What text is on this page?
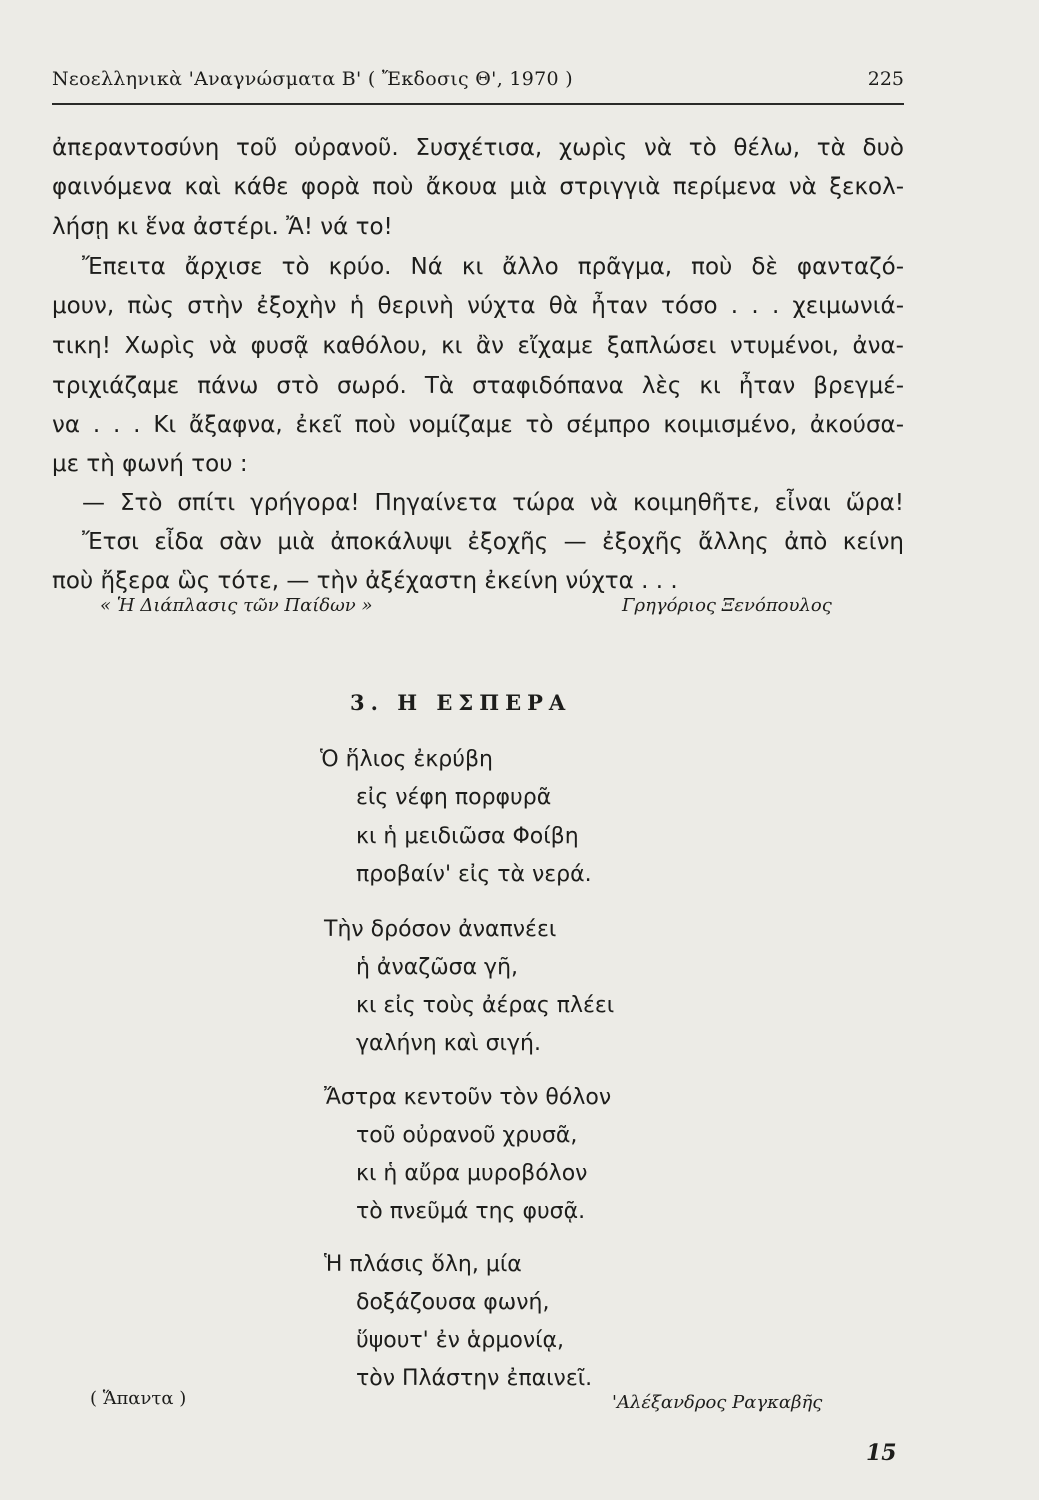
Νεοελληνικὰ 'Αναγνώσματα Β' ( Ἔκδοσις Θ', 1970 )	225
ἀπεραντοσύνη τοῦ οὐρανοῦ. Συσχέτισα, χωρὶς νὰ τὸ θέλω, τὰ δυὸ
φαινόμενα καὶ κάθε φορὰ ποὺ ἄκουα μιὰ στριγγιὰ περίμενα νὰ ξεκολ-
λήσῃ κι ἕνα ἀστέρι. Ἄ! νά το!
Ἔπειτα ἄρχισε τὸ κρύο. Νά κι ἄλλο πρᾶγμα, ποὺ δὲ φανταζό-
μουν, πὼς στὴν ἐξοχὴν ἡ θερινὴ νύχτα θὰ ἦταν τόσο . . . χειμωνιά-
τικη! Χωρὶς νὰ φυσᾷ καθόλου, κι ἂν εἴχαμε ξαπλώσει ντυμένοι, ἀνα-
τριχιάζαμε πάνω στὸ σωρό. Τὰ σταφιδόπανα λὲς κι ἦταν βρεγμέ-
να . . . Κι ἄξαφνα, ἐκεῖ ποὺ νομίζαμε τὸ σέμπρο κοιμισμένο, ἀκούσα-
με τὴ φωνή του :
— Στὸ σπίτι γρήγορα! Πηγαίνετα τώρα νὰ κοιμηθῆτε, εἶναι ὥρα!
Ἔτσι εἶδα σὰν μιὰ ἀποκάλυψι ἐξοχῆς — ἐξοχῆς ἄλλης ἀπὸ κείνη
ποὺ ἤξερα ὣς τότε, — τὴν ἀξέχαστη ἐκείνη νύχτα . . .
« Ἡ Διάπλασις τῶν Παίδων »	Γρηγόριος Ξενόπουλος
3. Η ΕΣΠΕΡΑ
Ὁ ἥλιος ἐκρύβη
εἰς νέφη πορφυρᾶ
κι ἡ μειδιῶσα Φοίβη
προβαίν' εἰς τὰ νερά.
Τὴν δρόσον ἀναπνέει
ἡ ἀναζῶσα γῆ,
κι εἰς τοὺς ἀέρας πλέει
γαλήνη καὶ σιγή.
Ἄστρα κεντοῦν τὸν θόλον
τοῦ οὐρανοῦ χρυσᾶ,
κι ἡ αὔρα μυροβόλον
τὸ πνεῦμά της φυσᾷ.
Ἡ πλάσις ὅλη, μία
δοξάζουσα φωνή,
ὕψουτ' ἐν ἁρμονίᾳ,
τὸν Πλάστην ἐπαινεῖ.
( Ἅπαντα )	'Αλέξανδρος Ραγκαβῆς
15
